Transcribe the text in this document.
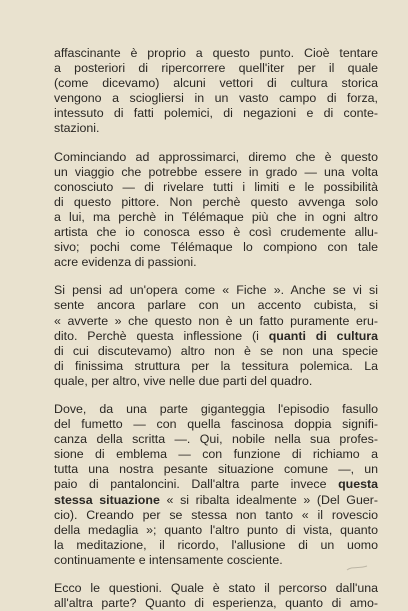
affascinante è proprio a questo punto. Cioè tentare
a posteriori di ripercorrere quell'iter per il quale
(come dicevamo) alcuni vettori di cultura storica
vengono a sciogliersi in un vasto campo di forza,
intessuto di fatti polemici, di negazioni e di conte-
stazioni.

Cominciando ad approssimarci, diremo che è questo
un viaggio che potrebbe essere in grado — una volta
conosciuto — di rivelare tutti i limiti e le possibilità
di questo pittore. Non perchè questo avvenga solo
a lui, ma perchè in Télémaque più che in ogni altro
artista che io conosca esso è così crudemente allu-
sivo; pochi come Télémaque lo compiono con tale
acre evidenza di passioni.

Si pensi ad un'opera come « Fiche ». Anche se vi si
sente ancora parlare con un accento cubista, si
« avverte » che questo non è un fatto puramente eru-
dito. Perchè questa inflessione (i quanti di cultura
di cui discutevamo) altro non è se non una specie
di finissima struttura per la tessitura polemica. La
quale, per altro, vive nelle due parti del quadro.

Dove, da una parte giganteggia l'episodio fasullo
del fumetto — con quella fascinosa doppia signifi-
canza della scritta —. Qui, nobile nella sua profes-
sione di emblema — con funzione di richiamo a
tutta una nostra pesante situazione comune —, un
paio di pantaloncini. Dall'altra parte invece questa
stessa situazione « si ribalta idealmente » (Del Guer-
cio). Creando per se stessa non tanto « il rovescio
della medaglia »; quanto l'altro punto di vista, quanto
la meditazione, il ricordo, l'allusione di un uomo
continuamente e intensamente cosciente.

Ecco le questioni. Quale è stato il percorso dall'una
all'altra parte? Quanto di esperienza, quanto di amo-
